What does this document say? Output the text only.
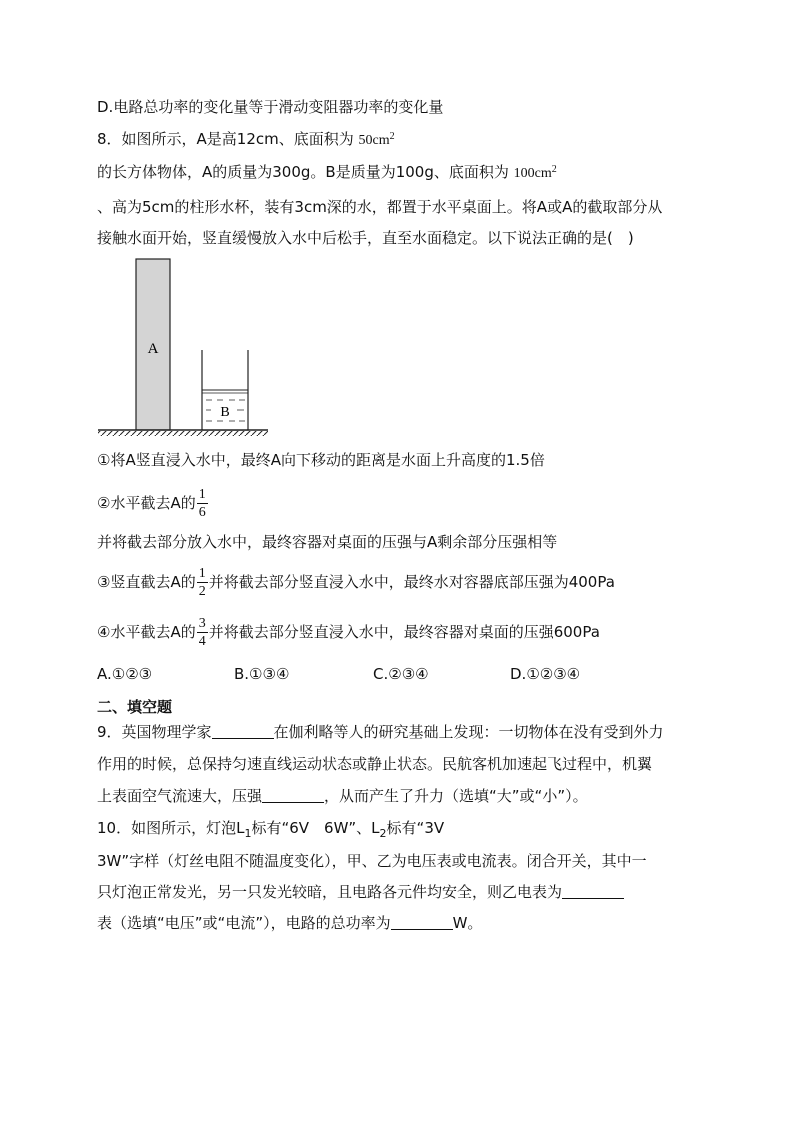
D.电路总功率的变化量等于滑动变阻器功率的变化量
8．如图所示，A是高12cm、底面积为 $50cm^2$
的长方体物体，A的质量为300g。B是质量为100g、底面积为 $100cm^2$
、高为5cm的柱形水杯，装有3cm深的水，都置于水平桌面上。将A或A的截取部分从
接触水面开始，竖直缓慢放入水中后松手，直至水面稳定。以下说法正确的是(　)
A
B
①将A竖直浸入水中，最终A向下移动的距离是水面上升高度的1.5倍
②水平截去A的 $\frac{1}{6}$
并将截去部分放入水中，最终容器对桌面的压强与A剩余部分压强相等
③竖直截去A的 $\frac{1}{2}$ 并将截去部分竖直浸入水中，最终水对容器底部压强为400Pa
④水平截去A的 $\frac{3}{4}$ 并将截去部分竖直浸入水中，最终容器对桌面的压强600Pa
A.①②③	B.①③④	C.②③④	D.①②③④
二、填空题
9．英国物理学家	在伽利略等人的研究基础上发现：一切物体在没有受到外力
作用的时候，总保持匀速直线运动状态或静止状态。民航客机加速起飞过程中，机翼
上表面空气流速大，压强	，从而产生了升力（选填“大”或“小”）。
10．如图所示，灯泡$L_1$标有“6V　6W”、$L_2$标有“3V
3W”字样（灯丝电阻不随温度变化），甲、乙为电压表或电流表。闭合开关，其中一
只灯泡正常发光，另一只发光较暗，且电路各元件均安全，则乙电表为
表（选填“电压”或“电流”），电路的总功率为	W。
